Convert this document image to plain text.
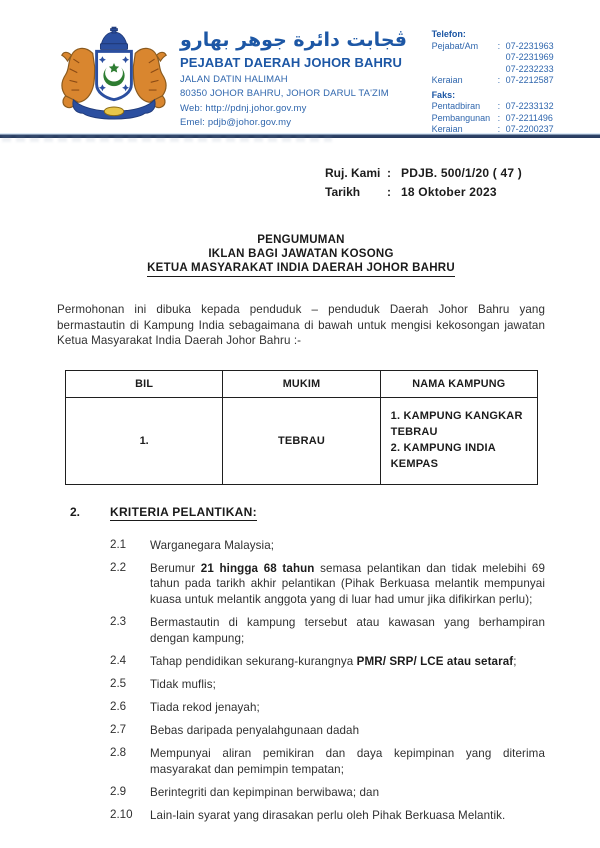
ڤجابت دائرة جوهر بهارو
PEJABAT DAERAH JOHOR BAHRU
JALAN DATIN HALIMAH
80350 JOHOR BAHRU, JOHOR DARUL TA'ZIM
Web: http://pdnj.johor.gov.my
Emel: pdjb@johor.gov.my
Telefon:
Pejabat/Am	: 07-2231963
07-2231969
07-2232233
Keraian	: 07-2212587
Faks:
Pentadbiran	: 07-2233132
Pembangunan : 07-2211496
Keraian	: 07-2200237
Ruj. Kami : PDJB. 500/1/20 ( 47 )
Tarikh	: 18 Oktober 2023
PENGUMUMAN
IKLAN BAGI JAWATAN KOSONG
KETUA MASYARAKAT INDIA DAERAH JOHOR BAHRU

Permohonan ini dibuka kepada penduduk – penduduk Daerah Johor Bahru yang bermastautin di Kampung India sebagaimana di bawah untuk mengisi kekosongan jawatan Ketua Masyarakat India Daerah Johor Bahru :-

BIL	MUKIM	NAMA KAMPUNG
1.	TEBRAU	1. KAMPUNG KANGKAR TEBRAU
2. KAMPUNG INDIA KEMPAS
2.	KRITERIA PELANTIKAN:
2.1	Warganegara Malaysia;
2.2	Berumur 21 hingga 68 tahun semasa pelantikan dan tidak melebihi 69 tahun pada tarikh akhir pelantikan (Pihak Berkuasa melantik mempunyai kuasa untuk melantik anggota yang di luar had umur jika difikirkan perlu);
2.3	Bermastautin di kampung tersebut atau kawasan yang berhampiran dengan kampung;
2.4	Tahap pendidikan sekurang-kurangnya PMR/ SRP/ LCE atau setaraf;
2.5	Tidak muflis;
2.6	Tiada rekod jenayah;
2.7	Bebas daripada penyalahgunaan dadah
2.8	Mempunyai aliran pemikiran dan daya kepimpinan yang diterima masyarakat dan pemimpin tempatan;
2.9	Berintegriti dan kepimpinan berwibawa; dan
2.10	Lain-lain syarat yang dirasakan perlu oleh Pihak Berkuasa Melantik.
